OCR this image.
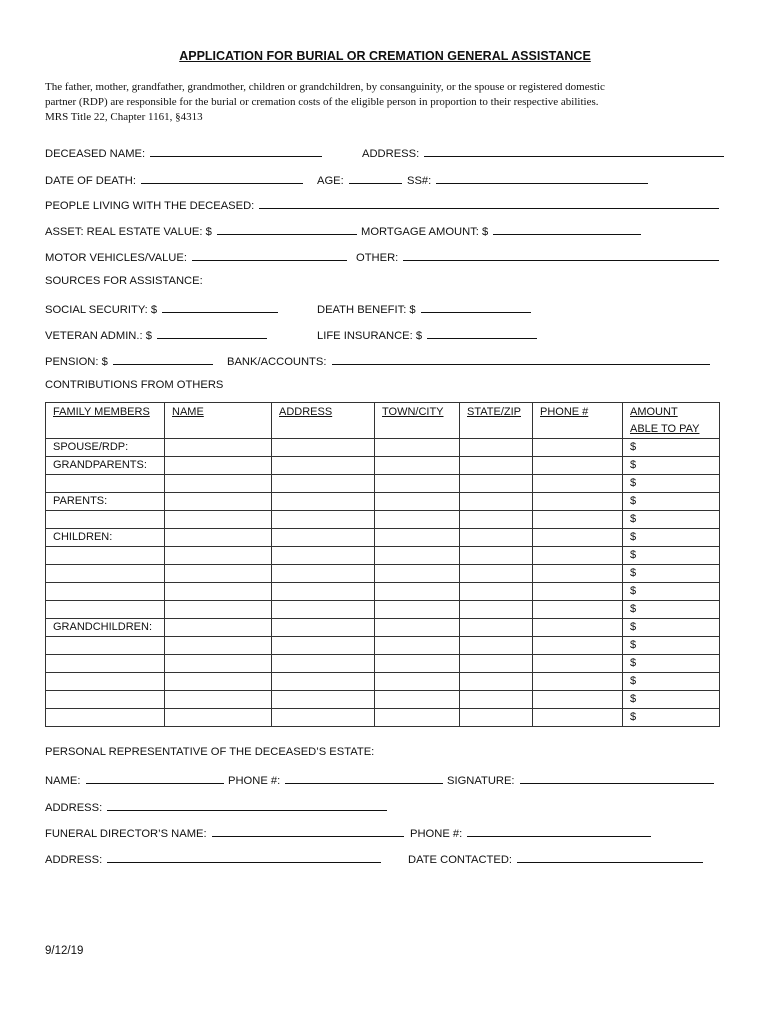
APPLICATION FOR BURIAL OR CREMATION GENERAL ASSISTANCE
The father, mother, grandfather, grandmother, children or grandchildren, by consanguinity, or the spouse or registered domestic
partner (RDP) are responsible for the burial or cremation costs of the eligible person in proportion to their respective abilities.
MRS Title 22, Chapter 1161, §4313
DECEASED NAME:	ADDRESS:
DATE OF DEATH:	AGE:	SS#:
PEOPLE LIVING WITH THE DECEASED:
ASSET: REAL ESTATE VALUE: $	MORTGAGE AMOUNT: $
MOTOR VEHICLES/VALUE:	OTHER:
SOURCES FOR ASSISTANCE:
SOCIAL SECURITY: $	DEATH BENEFIT: $
VETERAN ADMIN.: $	LIFE INSURANCE: $
PENSION: $	BANK/ACCOUNTS:
CONTRIBUTIONS FROM OTHERS
FAMILY MEMBERS	NAME	ADDRESS	TOWN/CITY	STATE/ZIP	PHONE #	AMOUNT
ABLE TO PAY

SPOUSE/RDP:						$
GRANDPARENTS:						$
						$
PARENTS:						$
						$
CHILDREN:						$
						$
						$
						$
						$
GRANDCHILDREN:						$
						$
						$
						$
						$
						$
PERSONAL REPRESENTATIVE OF THE DECEASED’S ESTATE:
NAME:	PHONE #:	SIGNATURE:
ADDRESS:
FUNERAL DIRECTOR’S NAME:	PHONE #:
ADDRESS:	DATE CONTACTED:
9/12/19
